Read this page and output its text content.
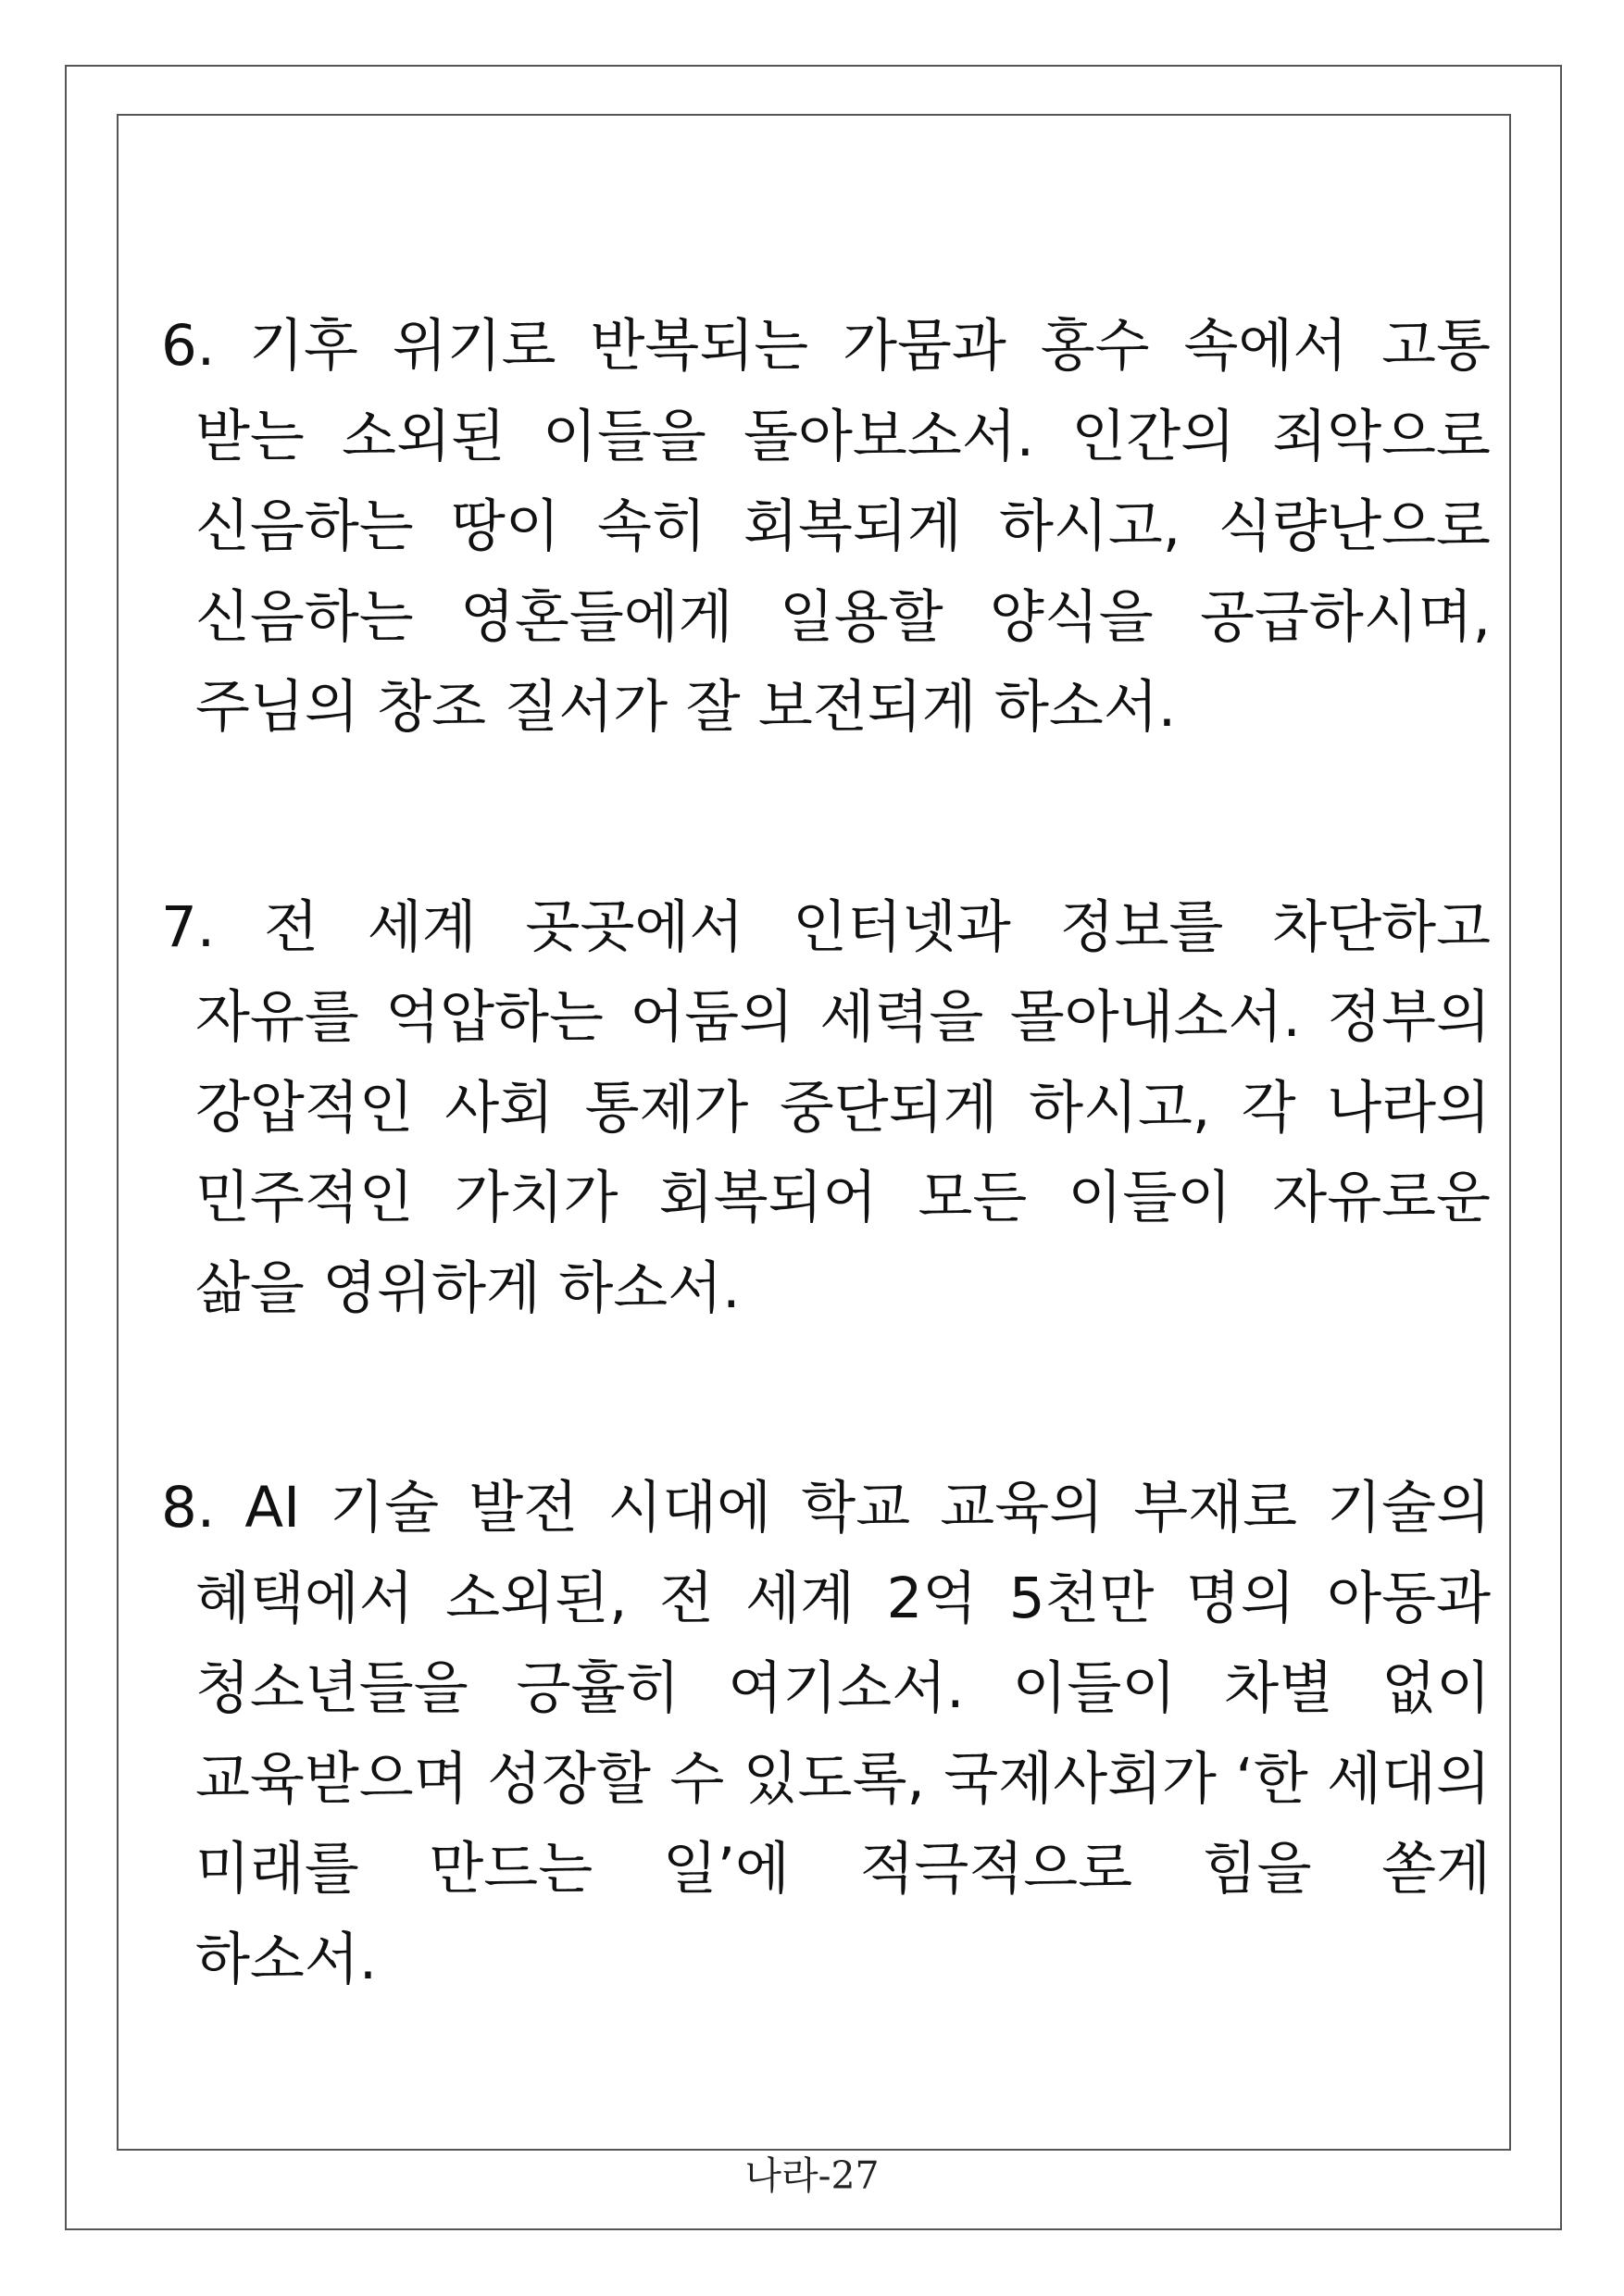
6. 기후 위기로 반복되는 가뭄과 홍수 속에서 고통
받는 소외된 이들을 돌아보소서. 인간의 죄악으로
신음하는 땅이 속히 회복되게 하시고, 식량난으로
신음하는 영혼들에게 일용할 양식을 공급하시며,
주님의 창조 질서가 잘 보전되게 하소서.
7. 전 세계 곳곳에서 인터넷과 정보를 차단하고
자유를 억압하는 어둠의 세력을 몰아내소서. 정부의
강압적인 사회 통제가 중단되게 하시고, 각 나라의
민주적인 가치가 회복되어 모든 이들이 자유로운
삶을 영위하게 하소서.
8. AI 기술 발전 시대에 학교 교육의 부재로 기술의
혜택에서 소외된, 전 세계 2억 5천만 명의 아동과
청소년들을 긍휼히 여기소서. 이들이 차별 없이
교육받으며 성장할 수 있도록, 국제사회가 ‘한 세대의
미래를 만드는 일’에 적극적으로 힘을 쏟게
하소서.
나라-27
